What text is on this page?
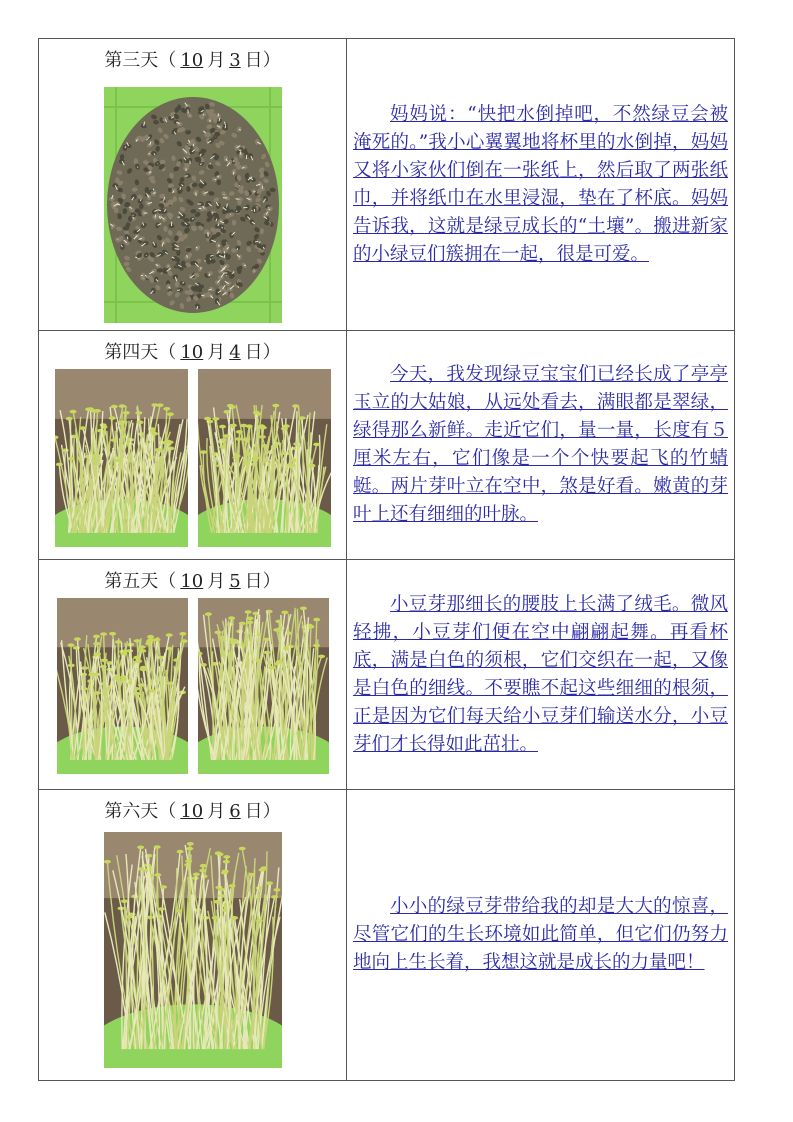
第三天（ 10 月 3 日）	妈妈说：“快把水倒掉吧，不然绿豆会被淹死的。”我小心翼翼地将杯里的水倒掉，妈妈又将小家伙们倒在一张纸上，然后取了两张纸巾，并将纸巾在水里浸湿，垫在了杯底。妈妈告诉我，这就是绿豆成长的“土壤”。搬进新家的小绿豆们簇拥在一起，很是可爱。

第四天（ 10 月 4 日）	今天，我发现绿豆宝宝们已经长成了亭亭玉立的大姑娘，从远处看去，满眼都是翠绿，绿得那么新鲜。走近它们，量一量，长度有５厘米左右，它们像是一个个快要起飞的竹蜻蜓。两片芽叶立在空中，煞是好看。嫩黄的芽叶上还有细细的叶脉。

第五天（ 10 月 5 日）	小豆芽那细长的腰肢上长满了绒毛。微风轻拂，小豆芽们便在空中翩翩起舞。再看杯底，满是白色的须根，它们交织在一起，又像是白色的细线。不要瞧不起这些细细的根须，正是因为它们每天给小豆芽们输送水分，小豆芽们才长得如此茁壮。

第六天（ 10 月 6 日）	小小的绿豆芽带给我的却是大大的惊喜，尽管它们的生长环境如此简单，但它们仍努力地向上生长着，我想这就是成长的力量吧！
